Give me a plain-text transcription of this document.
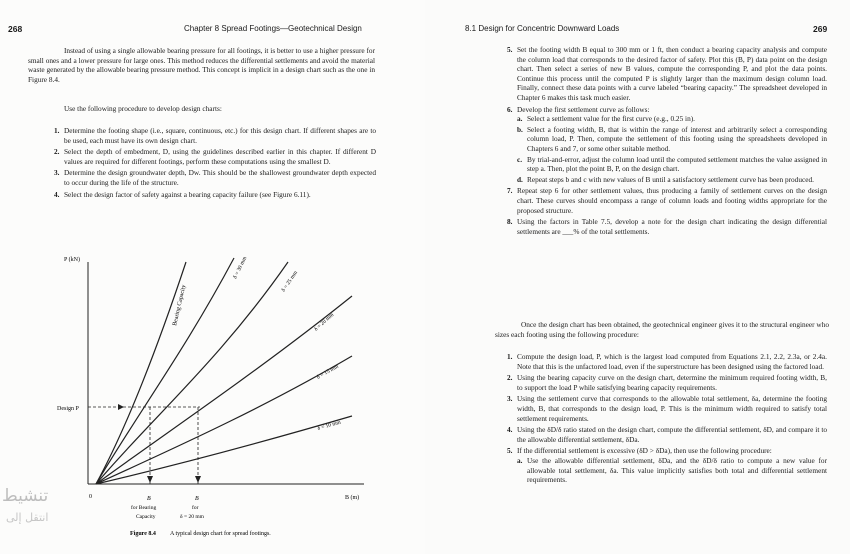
268	Chapter 8 Spread Footings—Geotechnical Design
Instead of using a single allowable bearing pressure for all footings, it is better to use a higher pressure for small ones and a lower pressure for large ones. This method reduces the differential settlements and avoid the material waste generated by the allowable bearing pressure method. This concept is implicit in a design chart such as the one in Figure 8.4.
Use the following procedure to develop design charts:
1. Determine the footing shape (i.e., square, continuous, etc.) for this design chart. If different shapes are to be used, each must have its own design chart.
2. Select the depth of embedment, D, using the guidelines described earlier in this chapter. If different D values are required for different footings, perform these computations using the smallest D.
3. Determine the design groundwater depth, Dw. This should be the shallowest groundwater depth expected to occur during the life of the structure.
4. Select the design factor of safety against a bearing capacity failure (see Figure 6.11).
P (kN)
B (m)
0
Design P
Bearing Capacity
δ = 30 mm
δ = 25 mm
δ = 20 mm
δ = 15 mm
δ = 10 mm
B
for Bearing
Capacity
B
for
δ = 20 mm
Figure 8.4 A typical design chart for spread footings.
تنشيط
انتقل إلى
8.1 Design for Concentric Downward Loads	269
5. Set the footing width B equal to 300 mm or 1 ft, then conduct a bearing capacity analysis and compute the column load that corresponds to the desired factor of safety. Plot this (B, P) data point on the design chart. Then select a series of new B values, compute the corresponding P, and plot the data points. Continue this process until the computed P is slightly larger than the maximum design column load. Finally, connect these data points with a curve labeled “bearing capacity.” The spreadsheet developed in Chapter 6 makes this task much easier.
6. Develop the first settlement curve as follows:
a. Select a settlement value for the first curve (e.g., 0.25 in).
b. Select a footing width, B, that is within the range of interest and arbitrarily select a corresponding column load, P. Then, compute the settlement of this footing using the spreadsheets developed in Chapters 6 and 7, or some other suitable method.
c. By trial-and-error, adjust the column load until the computed settlement matches the value assigned in step a. Then, plot the point B, P, on the design chart.
d. Repeat steps b and c with new values of B until a satisfactory settlement curve has been produced.
7. Repeat step 6 for other settlement values, thus producing a family of settlement curves on the design chart. These curves should encompass a range of column loads and footing widths appropriate for the proposed structure.
8. Using the factors in Table 7.5, develop a note for the design chart indicating the design differential settlements are ___% of the total settlements.
Once the design chart has been obtained, the geotechnical engineer gives it to the structural engineer who sizes each footing using the following procedure:
1. Compute the design load, P, which is the largest load computed from Equations 2.1, 2.2, 2.3a, or 2.4a. Note that this is the unfactored load, even if the superstructure has been designed using the factored load.
2. Using the bearing capacity curve on the design chart, determine the minimum required footing width, B, to support the load P while satisfying bearing capacity requirements.
3. Using the settlement curve that corresponds to the allowable total settlement, δa, determine the footing width, B, that corresponds to the design load, P. This is the minimum width required to satisfy total settlement requirements.
4. Using the δD/δ ratio stated on the design chart, compute the differential settlement, δD, and compare it to the allowable differential settlement, δDa.
5. If the differential settlement is excessive (δD > δDa), then use the following procedure:
a. Use the allowable differential settlement, δDa, and the δD/δ ratio to compute a new value for allowable total settlement, δa. This value implicitly satisfies both total and differential settlement requirements.
